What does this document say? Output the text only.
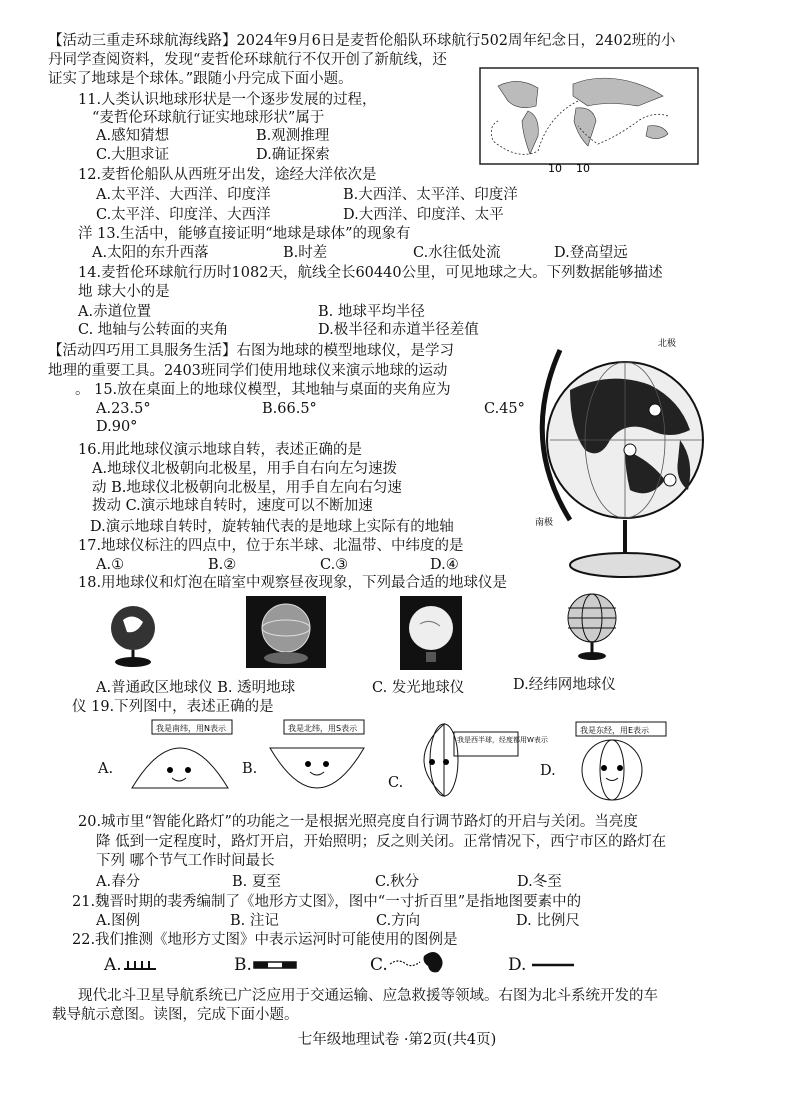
【活动三重走环球航海线路】2024年9月6日是麦哲伦船队环球航行502周年纪念日，2402班的小
丹同学查阅资料，发现“麦哲伦环球航行不仅开创了新航线，还
证实了地球是个球体。”跟随小丹完成下面小题。
10 10
11.人类认识地球形状是一个逐步发展的过程，
“麦哲伦环球航行证实地球形状”属于
A.感知猜想	B.观测推理
C.大胆求证	D.确证探索
12.麦哲伦船队从西班牙出发，途经大洋依次是
A.太平洋、大西洋、印度洋	B.大西洋、太平洋、印度洋
C.太平洋、印度洋、大西洋	D.大西洋、印度洋、太平
洋 13.生活中，能够直接证明“地球是球体”的现象有
A.太阳的东升西落	B.时差	C.水往低处流	D.登高望远
14.麦哲伦环球航行历时1082天，航线全长60440公里，可见地球之大。下列数据能够描述
地 球大小的是
A.赤道位置	B. 地球平均半径
C. 地轴与公转面的夹角	D.极半径和赤道半径差值
【活动四巧用工具服务生活】右图为地球的模型地球仪，是学习
地理的重要工具。2403班同学们使用地球仪来演示地球的运动
。 15.放在桌面上的地球仪模型，其地轴与桌面的夹角应为
北极
南极
A.23.5°	B.66.5°	C.45°
D.90°
16.用此地球仪演示地球自转，表述正确的是
A.地球仪北极朝向北极星，用手自右向左匀速拨
动 B.地球仪北极朝向北极星，用手自左向右匀速
拨动 C.演示地球自转时，速度可以不断加速
D.演示地球自转时，旋转轴代表的是地球上实际有的地轴
17.地球仪标注的四点中，位于东半球、北温带、中纬度的是
A.①	B.②	C.③	D.④
18.用地球仪和灯泡在暗室中观察昼夜现象，下列最合适的地球仪是
A.普通政区地球仪 B. 透明地球	C. 发光地球仪	D.经纬网地球仪
仪 19.下列图中，表述正确的是
A.
我是南纬，用N表示
B.
我是北纬，用S表示
C.
我是西半球，经度都用W表示
D.
我是东经，用E表示
20.城市里“智能化路灯”的功能之一是根据光照亮度自行调节路灯的开启与关闭。当亮度
降 低到一定程度时，路灯开启，开始照明；反之则关闭。正常情况下，西宁市区的路灯在
下列 哪个节气工作时间最长
A.春分	B. 夏至	C.秋分	D.冬至
21.魏晋时期的裴秀编制了《地形方丈图》，图中“一寸折百里”是指地图要素中的
A.图例	B. 注记	C.方向	D. 比例尺
22.我们推测《地形方丈图》中表示运河时可能使用的图例是
A.	B.	C.	D.
现代北斗卫星导航系统已广泛应用于交通运输、应急救援等领域。右图为北斗系统开发的车
载导航示意图。读图，完成下面小题。
七年级地理试卷 ·第2页(共4页)
